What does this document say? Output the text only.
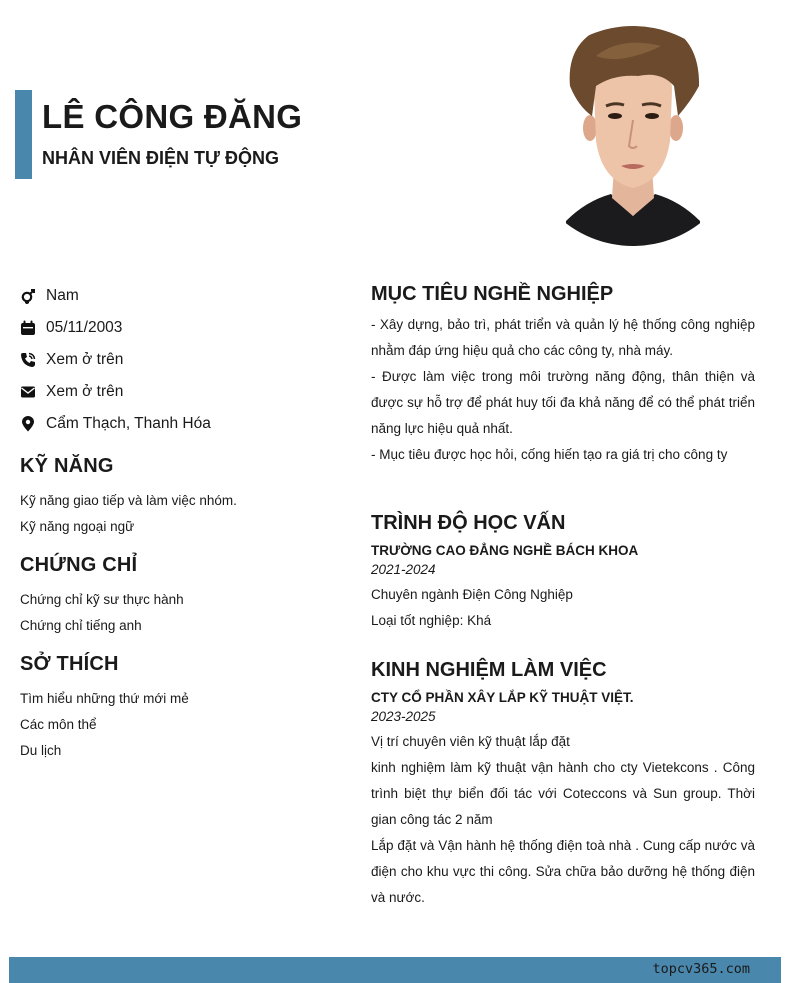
LÊ CÔNG ĐĂNG
NHÂN VIÊN ĐIỆN TỰ ĐỘNG
Nam
05/11/2003
Xem ở trên
Xem ở trên
Cẩm Thạch, Thanh Hóa
KỸ NĂNG
Kỹ năng giao tiếp và làm việc nhóm.
Kỹ năng ngoại ngữ
CHỨNG CHỈ
Chứng chỉ kỹ sư thực hành
Chứng chỉ tiếng anh
SỞ THÍCH
Tìm hiểu những thứ mới mẻ
Các môn thể
Du lịch
MỤC TIÊU NGHỀ NGHIỆP
- Xây dựng, bảo trì, phát triển và quản lý hệ thống công nghiệp nhằm đáp ứng hiệu quả cho các công ty, nhà máy.
- Được làm việc trong môi trường năng động, thân thiện và được sự hỗ trợ để phát huy tối đa khả năng để có thể phát triển năng lực hiệu quả nhất.
- Mục tiêu được học hỏi, cống hiến tạo ra giá trị cho công ty
TRÌNH ĐỘ HỌC VẤN
TRƯỜNG CAO ĐẲNG NGHỀ BÁCH KHOA
2021-2024
Chuyên ngành Điện Công Nghiệp
Loại tốt nghiệp: Khá
KINH NGHIỆM LÀM VIỆC
CTY CỔ PHẦN XÂY LẮP KỸ THUẬT VIỆT.
2023-2025
Vị trí chuyên viên kỹ thuật lắp đặt
kinh nghiệm làm kỹ thuật vận hành cho cty Vietekcons . Công trình biệt thự biển đối tác với Coteccons và Sun group. Thời gian công tác 2 năm
Lắp đặt và Vận hành hệ thống điện toà nhà . Cung cấp nước và điện cho khu vực thi công. Sửa chữa bảo dưỡng hệ thống điện và nước.
topcv365.com
